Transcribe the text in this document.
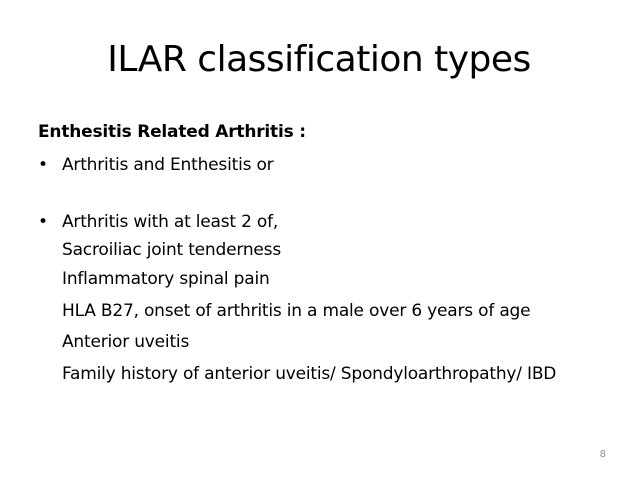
ILAR classification types
Enthesitis Related Arthritis :
• Arthritis and Enthesitis or
• Arthritis with at least 2 of,
Sacroiliac joint tenderness
Inflammatory spinal pain
HLA B27, onset of arthritis in a male over 6 years of age
Anterior uveitis
Family history of anterior uveitis/ Spondyloarthropathy/ IBD
8
